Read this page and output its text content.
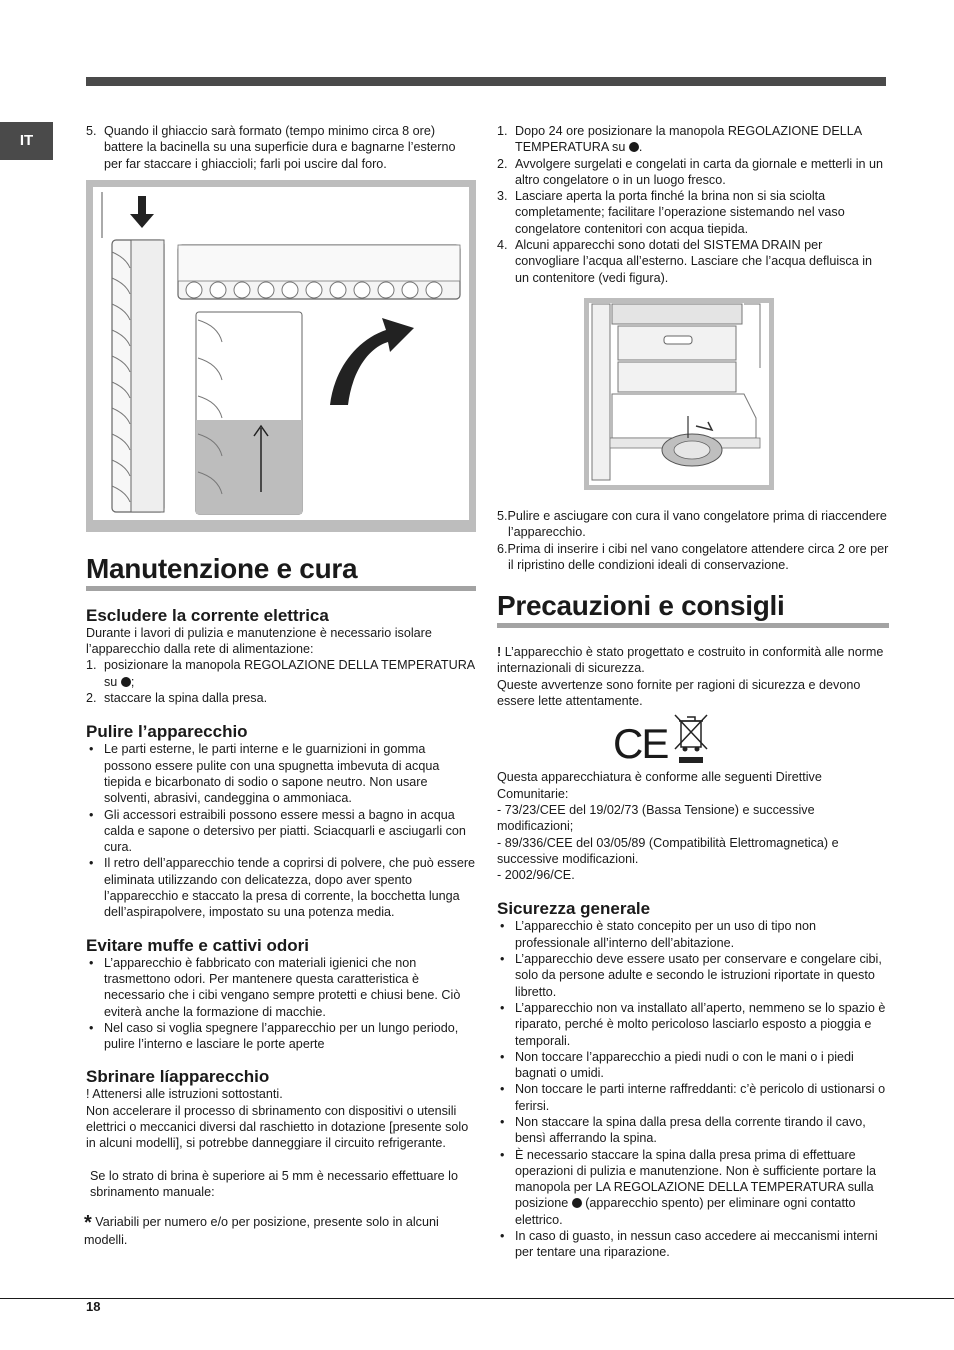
IT
5. Quando il ghiaccio sarà formato (tempo minimo circa 8 ore) battere la bacinella su una superficie dura e bagnarne l’esterno per far staccare i ghiaccioli; farli poi uscire dal foro.
Manutenzione e cura
Escludere la corrente elettrica

Durante i lavori di pulizia e manutenzione è necessario isolare l’apparecchio dalla rete di alimentazione:

1. posizionare la manopola REGOLAZIONE DELLA TEMPERATURA su ;
2. staccare la spina dalla presa.
Pulire l’apparecchio
• Le parti esterne, le parti interne e le guarnizioni in gomma possono essere pulite con una spugnetta imbevuta di acqua tiepida e bicarbonato di sodio o sapone neutro. Non usare solventi, abrasivi, candeggina o ammoniaca.
• Gli accessori estraibili possono essere messi a bagno in acqua calda e sapone o detersivo per piatti. Sciacquarli e asciugarli con cura.
• Il retro dell’apparecchio tende a coprirsi di polvere, che può essere eliminata utilizzando con delicatezza, dopo aver spento l’apparecchio e staccato la presa di corrente, la bocchetta lunga dell’aspirapolvere, impostato su una potenza media.
Evitare muffe e cattivi odori
• L’apparecchio è fabbricato con materiali igienici che non trasmettono odori. Per mantenere questa caratteristica è necessario che i cibi vengano sempre protetti e chiusi bene. Ciò eviterà anche la formazione di macchie.
• Nel caso si voglia spegnere l’apparecchio per un lungo periodo, pulire l’interno e lasciare le porte aperte
Sbrinare líapparecchio

! Attenersi alle istruzioni sottostanti.

Non accelerare il processo di sbrinamento con dispositivi o utensili elettrici o meccanici diversi dal raschietto in dotazione [presente solo in alcuni modelli], si potrebbe danneggiare il circuito refrigerante.

Se lo strato di brina è superiore ai 5 mm è necessario effettuare lo sbrinamento manuale:

* Variabili per numero e/o per posizione, presente solo in alcuni modelli.

1. Dopo 24 ore posizionare la manopola REGOLAZIONE DELLA TEMPERATURA su .
2. Avvolgere surgelati e congelati in carta da giornale e metterli in un altro congelatore o in un luogo fresco.
3. Lasciare aperta la porta finché la brina non si sia sciolta completamente; facilitare l’operazione sistemando nel vaso congelatore contenitori con acqua tiepida.
4. Alcuni apparecchi sono dotati del SISTEMA DRAIN per convogliare l’acqua all’esterno. Lasciare che l’acqua defluisca in un contenitore (vedi figura).

5.Pulire e asciugare con cura il vano congelatore prima di riaccendere l’apparecchio.

6.Prima di inserire i cibi nel vano congelatore attendere circa 2 ore per il ripristino delle condizioni ideali di conservazione.

Precauzioni e consigli

! L’apparecchio è stato progettato e costruito in conformità alle norme internazionali di sicurezza.

Queste avvertenze sono fornite per ragioni di sicurezza e devono essere lette attentamente.

CE

Questa apparecchiatura è conforme alle seguenti Direttive Comunitarie:

- 73/23/CEE del 19/02/73 (Bassa Tensione) e successive modificazioni;

- 89/336/CEE del 03/05/89 (Compatibilità Elettromagnetica) e successive modificazioni.

- 2002/96/CE.

Sicurezza generale
• L’apparecchio è stato concepito per un uso di tipo non professionale all’interno dell’abitazione.
• L’apparecchio deve essere usato per conservare e congelare cibi, solo da persone adulte e secondo le istruzioni riportate in questo libretto.
• L’apparecchio non va installato all’aperto, nemmeno se lo spazio è riparato, perché è molto pericoloso lasciarlo esposto a pioggia e temporali.
• Non toccare l’apparecchio a piedi nudi o con le mani o i piedi bagnati o umidi.
• Non toccare le parti interne raffreddanti: c’è pericolo di ustionarsi o ferirsi.
• Non staccare la spina dalla presa della corrente tirando il cavo, bensì afferrando la spina.
• È necessario staccare la spina dalla presa prima di effettuare operazioni di pulizia e manutenzione. Non è sufficiente portare la manopola per LA REGOLAZIONE DELLA TEMPERATURA sulla posizione (apparecchio spento) per eliminare ogni contatto elettrico.
• In caso di guasto, in nessun caso accedere ai meccanismi interni per tentare una riparazione.
18
